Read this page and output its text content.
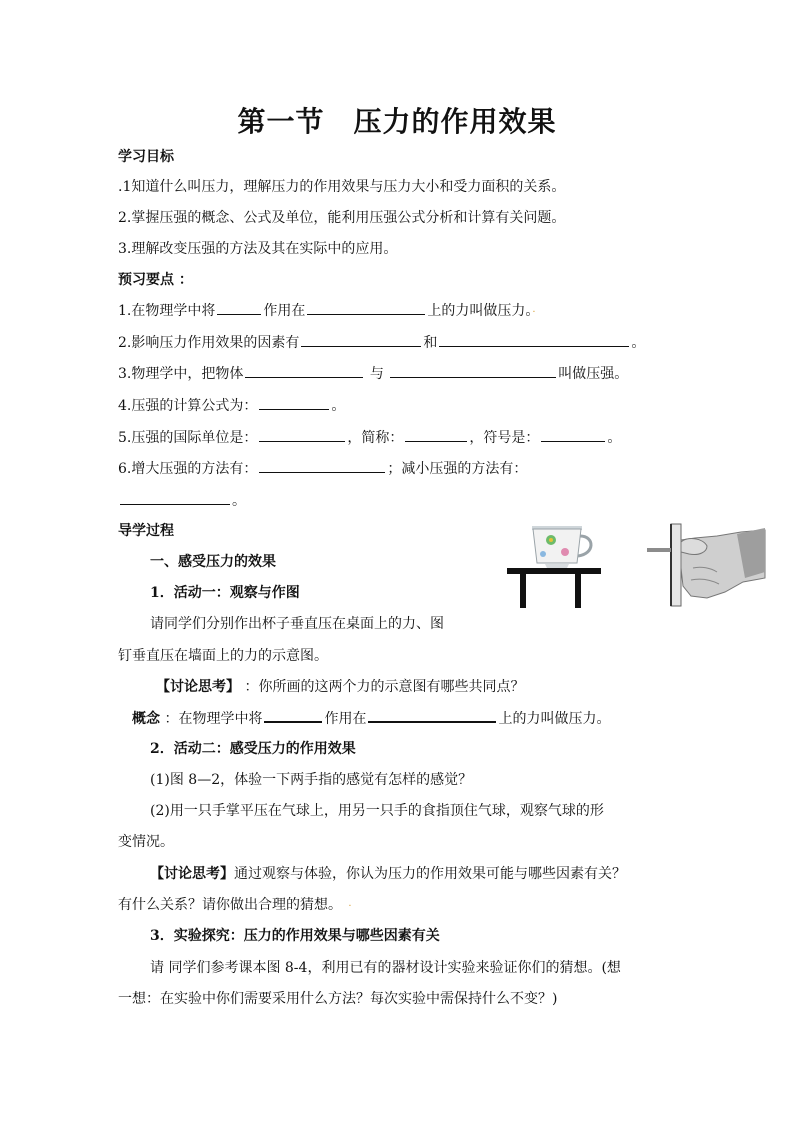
第一节　压力的作用效果
学习目标
.1知道什么叫压力，理解压力的作用效果与压力大小和受力面积的关系。
2.掌握压强的概念、公式及单位，能利用压强公式分析和计算有关问题。
3.理解改变压强的方法及其在实际中的应用。
预习要点 ：
1.在物理学中将	作用在	上的力叫做压力。·
2.影响压力作用效果的因素有	和	。
3.物理学中，把物体	与	叫做压强。
4.压强的计算公式为：	。
5.压强的国际单位是：	，简称：	，符号是：	。
6.增大压强的方法有：	；减小压强的方法有：
。
导学过程
一、感受压力的效果
1．活动一：观察与作图
请同学们分别作出杯子垂直压在桌面上的力、图
钉垂直压在墙面上的力的示意图。
【讨论思考】 ：你所画的这两个力的示意图有哪些共同点？
概念 ：在物理学中将	作用在	上的力叫做压力。
2．活动二：感受压力的作用效果
(1)图 8—2，体验一下两手指的感觉有怎样的感觉？
(2)用一只手掌平压在气球上，用另一只手的食指顶住气球，观察气球的形
变情况。
【讨论思考】通过观察与体验，你认为压力的作用效果可能与哪些因素有关？
有什么关系？请你做出合理的猜想。  ·
3．实验探究：压力的作用效果与哪些因素有关
请 同学们参考课本图 8-4，利用已有的器材设计实验来验证你们的猜想。(想
一想：在实验中你们需要采用什么方法？每次实验中需保持什么不变？)
